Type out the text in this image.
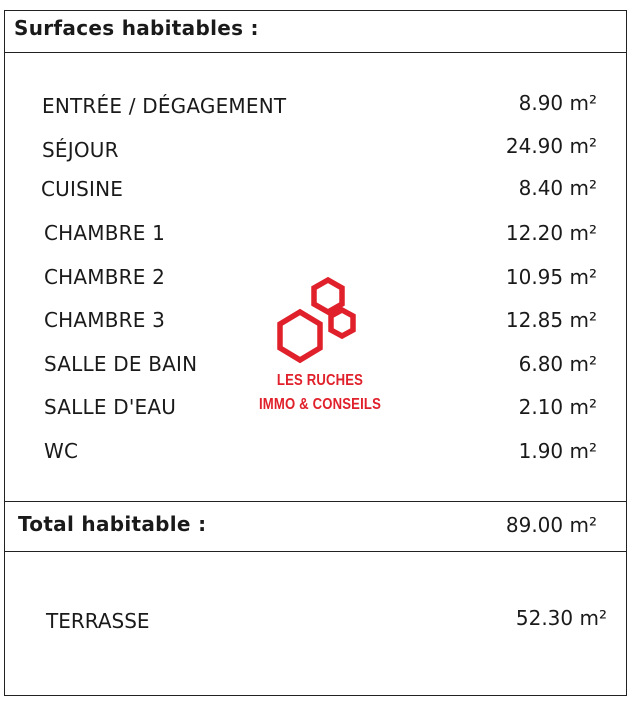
Surfaces habitables :
ENTRÉE / DÉGAGEMENT	8.90 m²
SÉJOUR	24.90 m²
CUISINE	8.40 m²
CHAMBRE 1	12.20 m²
CHAMBRE 2	10.95 m²
CHAMBRE 3	12.85 m²
SALLE DE BAIN	6.80 m²
SALLE D'EAU	2.10 m²
WC	1.90 m²
LES RUCHES
IMMO & CONSEILS
Total habitable :	89.00 m²
TERRASSE	52.30 m²
